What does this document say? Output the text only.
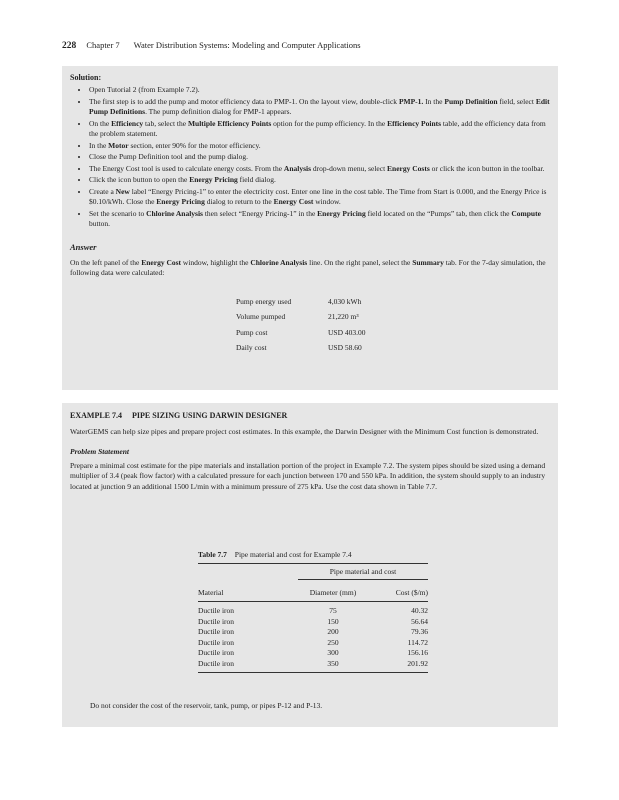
228 Chapter 7 Water Distribution Systems: Modeling and Computer Applications
Solution:
• Open Tutorial 2 (from Example 7.2).
• The first step is to add the pump and motor efficiency data to PMP-1. On the layout view, double-click PMP-1. In the Pump Definition field, select Edit Pump Definitions. The pump definition dialog for PMP-1 appears.
• On the Efficiency tab, select the Multiple Efficiency Points option for the pump efficiency. In the Efficiency Points table, add the efficiency data from the problem statement.
• In the Motor section, enter 90% for the motor efficiency.
• Close the Pump Definition tool and the pump dialog.
• The Energy Cost tool is used to calculate energy costs. From the Analysis drop-down menu, select Energy Costs or click the icon button in the toolbar.
• Click the icon button to open the Energy Pricing field dialog.
• Create a New label “Energy Pricing-1” to enter the electricity cost. Enter one line in the cost table. The Time from Start is 0.000, and the Energy Price is $0.10/kWh. Close the Energy Pricing dialog to return to the Energy Cost window.
• Set the scenario to Chlorine Analysis then select “Energy Pricing-1” in the Energy Pricing field located on the “Pumps” tab, then click the Compute button.
Answer

On the left panel of the Energy Cost window, highlight the Chlorine Analysis line. On the right panel, select the Summary tab. For the 7-day simulation, the following data were calculated:

Pump energy used	4,030 kWh
Volume pumped	21,220 m³
Pump cost	USD 403.00
Daily cost	USD 58.60
EXAMPLE 7.4 PIPE SIZING USING DARWIN DESIGNER

WaterGEMS can help size pipes and prepare project cost estimates. In this example, the Darwin Designer with the Minimum Cost function is demonstrated.

Problem Statement

Prepare a minimal cost estimate for the pipe materials and installation portion of the project in Example 7.2. The system pipes should be sized using a demand multiplier of 3.4 (peak flow factor) with a calculated pressure for each junction between 170 and 550 kPa. In addition, the system should supply to an industry located at junction 9 an additional 1500 L/min with a minimum pressure of 275 kPa. Use the cost data shown in Table 7.7.

Table 7.7 Pipe material and cost for Example 7.4
Pipe material and cost
Material	Diameter (mm)	Cost ($/m)
Ductile iron	75	40.32
Ductile iron	150	56.64
Ductile iron	200	79.36
Ductile iron	250	114.72
Ductile iron	300	156.16
Ductile iron	350	201.92
Do not consider the cost of the reservoir, tank, pump, or pipes P-12 and P-13.
